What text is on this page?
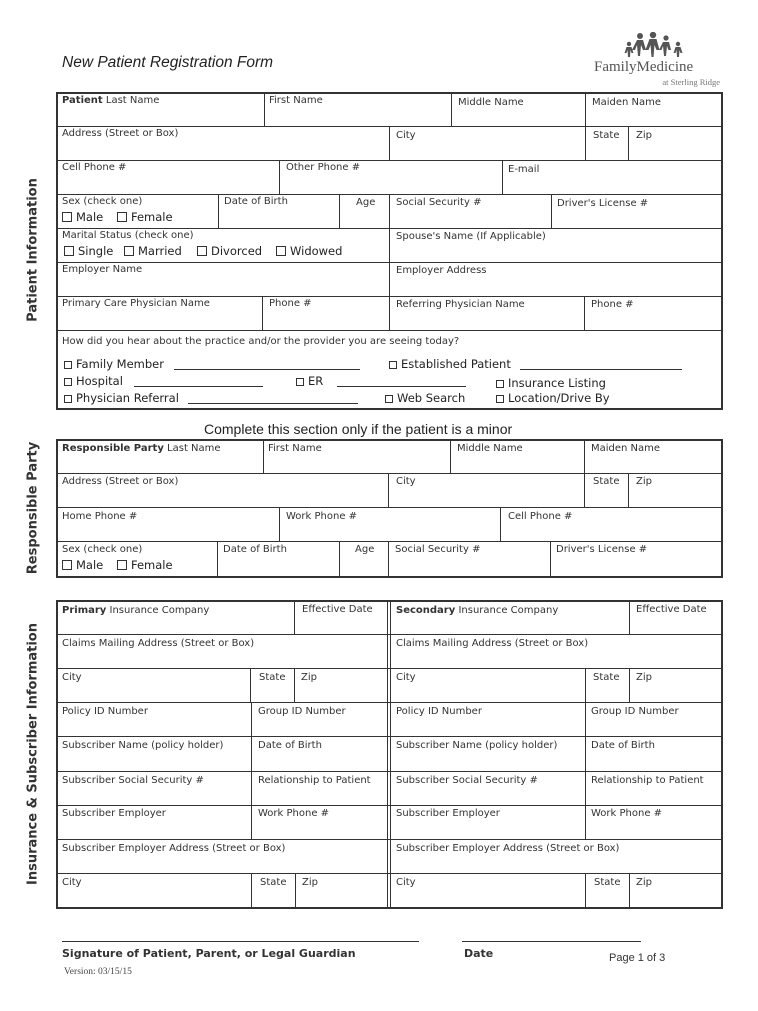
New Patient Registration Form	FamilyMedicine
at Sterling Ridge
Patient Information
Responsible Party
Insurance & Subscriber Information
Patient Last Name	First Name	Middle Name	Maiden Name
Address (Street or Box)	City	State Zip
Cell Phone #	Other Phone #	E-mail
Sex (check one)
Male	Female
Date of Birth	Age Social Security #	Driver's License #
Marital Status (check one)
Single	Married	Divorced	Widowed
Spouse's Name (If Applicable)
Employer Name	Employer Address
Primary Care Physician Name	Phone #	Referring Physician Name	Phone #
How did you hear about the practice and/or the provider you are seeing today?
Family Member	Established Patient
Hospital	ER	Insurance Listing
Physician Referral	Web Search	Location/Drive By
Complete this section only if the patient is a minor
Responsible Party Last Name	First Name	Middle Name	Maiden Name
Address (Street or Box)	City	State Zip
Home Phone #	Work Phone #	Cell Phone #
Sex (check one)
Male	Female
Date of Birth	Age Social Security #	Driver's License #
Primary Insurance Company	Effective Date
Claims Mailing Address (Street or Box)
City	State Zip
Policy ID Number	Group ID Number
Subscriber Name (policy holder)	Date of Birth
Subscriber Social Security #	Relationship to Patient
Subscriber Employer	Work Phone #
Subscriber Employer Address (Street or Box)
City	State Zip
Secondary Insurance Company	Effective Date
Claims Mailing Address (Street or Box)
City	State Zip
Policy ID Number	Group ID Number
Subscriber Name (policy holder)	Date of Birth
Subscriber Social Security #	Relationship to Patient
Subscriber Employer	Work Phone #
Subscriber Employer Address (Street or Box)
City	State Zip
Signature of Patient, Parent, or Legal Guardian	Date	Page 1 of 3
Version: 03/15/15
